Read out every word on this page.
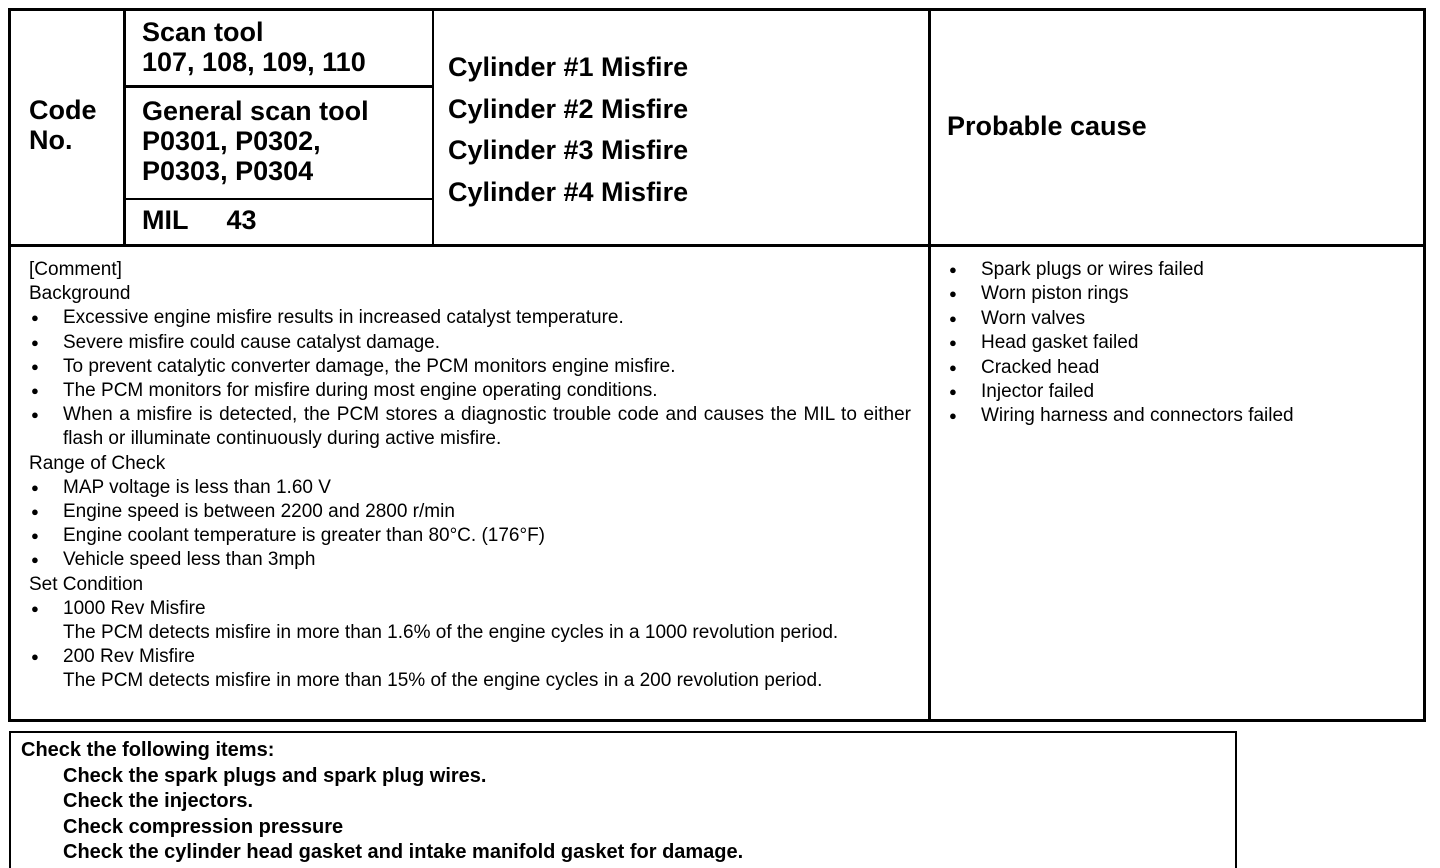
Code
No.
Scan tool
107, 108, 109, 110
General scan tool
P0301, P0302,
P0303, P0304
MIL 43
Cylinder #1 Misfire
Cylinder #2 Misfire
Cylinder #3 Misfire
Cylinder #4 Misfire
Probable cause
[Comment]
Background
● Excessive engine misfire results in increased catalyst temperature.
● Severe misfire could cause catalyst damage.
● To prevent catalytic converter damage, the PCM monitors engine misfire.
● The PCM monitors for misfire during most engine operating conditions.
● When a misfire is detected, the PCM stores a diagnostic trouble code and causes the MIL to either flash or illuminate continuously during active misfire.
Range of Check
● MAP voltage is less than 1.60 V
● Engine speed is between 2200 and 2800 r/min
● Engine coolant temperature is greater than 80°C. (176°F)
● Vehicle speed less than 3mph
Set Condition
● 1000 Rev Misfire
The PCM detects misfire in more than 1.6% of the engine cycles in a 1000 revolution period.
● 200 Rev Misfire
The PCM detects misfire in more than 15% of the engine cycles in a 200 revolution period.
● Spark plugs or wires failed
● Worn piston rings
● Worn valves
● Head gasket failed
● Cracked head
● Injector failed
● Wiring harness and connectors failed
Check the following items:
Check the spark plugs and spark plug wires.
Check the injectors.
Check compression pressure
Check the cylinder head gasket and intake manifold gasket for damage.
